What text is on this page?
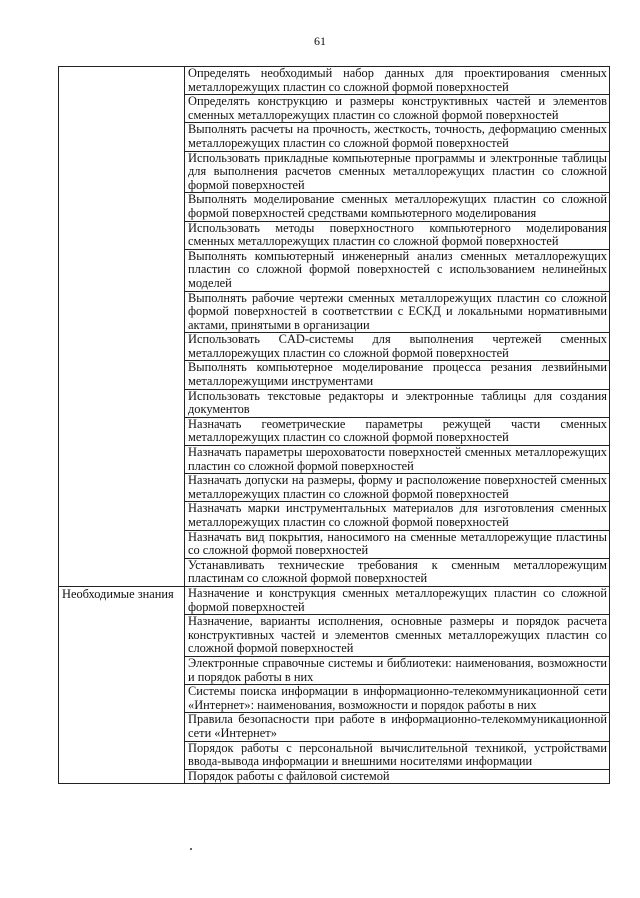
61
	Определять необходимый набор данных для проектирования сменных металлорежущих пластин со сложной формой поверхностей
	Определять конструкцию и размеры конструктивных частей и элементов сменных металлорежущих пластин со сложной формой поверхностей
	Выполнять расчеты на прочность, жесткость, точность, деформацию сменных металлорежущих пластин со сложной формой поверхностей
	Использовать прикладные компьютерные программы и электронные таблицы для выполнения расчетов сменных металлорежущих пластин со сложной формой поверхностей
	Выполнять моделирование сменных металлорежущих пластин со сложной формой поверхностей средствами компьютерного моделирования
	Использовать методы поверхностного компьютерного моделирования сменных металлорежущих пластин со сложной формой поверхностей
	Выполнять компьютерный инженерный анализ сменных металлорежущих пластин со сложной формой поверхностей с использованием нелинейных моделей
	Выполнять рабочие чертежи сменных металлорежущих пластин со сложной формой поверхностей в соответствии с ЕСКД и локальными нормативными актами, принятыми в организации
	Использовать CAD-системы для выполнения чертежей сменных металлорежущих пластин со сложной формой поверхностей
	Выполнять компьютерное моделирование процесса резания лезвийными металлорежущими инструментами
	Использовать текстовые редакторы и электронные таблицы для создания документов
	Назначать геометрические параметры режущей части сменных металлорежущих пластин со сложной формой поверхностей
	Назначать параметры шероховатости поверхностей сменных металлорежущих пластин со сложной формой поверхностей
	Назначать допуски на размеры, форму и расположение поверхностей сменных металлорежущих пластин со сложной формой поверхностей
	Назначать марки инструментальных материалов для изготовления сменных металлорежущих пластин со сложной формой поверхностей
	Назначать вид покрытия, наносимого на сменные металлорежущие пластины со сложной формой поверхностей
	Устанавливать технические требования к сменным металлорежущим пластинам со сложной формой поверхностей
Необходимые знания	Назначение и конструкция сменных металлорежущих пластин со сложной формой поверхностей
	Назначение, варианты исполнения, основные размеры и порядок расчета конструктивных частей и элементов сменных металлорежущих пластин со сложной формой поверхностей
	Электронные справочные системы и библиотеки: наименования, возможности и порядок работы в них
	Системы поиска информации в информационно-телекоммуникационной сети «Интернет»: наименования, возможности и порядок работы в них
	Правила безопасности при работе в информационно-телекоммуникационной сети «Интернет»
	Порядок работы с персональной вычислительной техникой, устройствами ввода-вывода информации и внешними носителями информации
	Порядок работы с файловой системой
